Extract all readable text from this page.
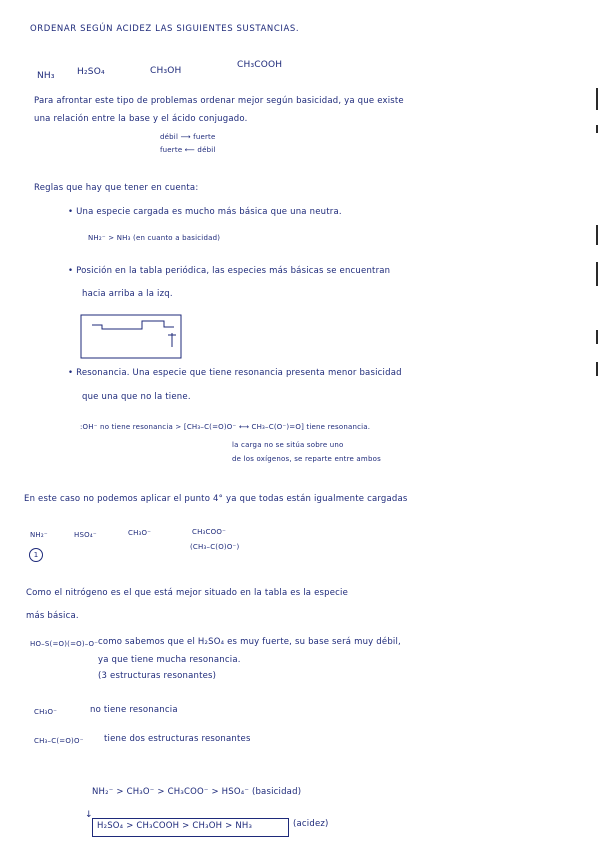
ORDENAR SEGÚN ACIDEZ LAS SIGUIENTES SUSTANCIAS.
NH₃ H₂SO₄	CH₃OH
CH₃COOH
Para afrontar este tipo de problemas ordenar mejor según basicidad, ya que existe
una relación entre la base y el ácido conjugado.
débil ⟶ fuerte
fuerte ⟵ débil
Reglas que hay que tener en cuenta:
• Una especie cargada es mucho más básica que una neutra.
NH₂⁻ > NH₃ (en cuanto a basicidad)
• Posición en la tabla periódica, las especies más básicas se encuentran
hacia arriba a la izq.
• Resonancia. Una especie que tiene resonancia presenta menor basicidad
que una que no la tiene.
:OH⁻ no tiene resonancia > [CH₃–C(=O)O⁻ ⟷ CH₃–C(O⁻)=O] tiene resonancia.
la carga no se sitúa sobre uno
de los oxígenos, se reparte entre ambos
En este caso no podemos aplicar el punto 4° ya que todas están igualmente cargadas
NH₂⁻	HSO₄⁻	CH₃O⁻	CH₃COO⁻
(CH₃–C(O)O⁻)
1
Como el nitrógeno es el que está mejor situado en la tabla es la especie
más básica.
HO–S(=O)(=O)–O⁻ como sabemos que el H₂SO₄ es muy fuerte, su base será muy débil,
ya que tiene mucha resonancia.
(3 estructuras resonantes)
CH₃O⁻	no tiene resonancia
CH₃–C(=O)O⁻ tiene dos estructuras resonantes
NH₂⁻ > CH₃O⁻ > CH₃COO⁻ > HSO₄⁻ (basicidad)
↓
H₂SO₄ > CH₃COOH > CH₃OH > NH₃	(acidez)
